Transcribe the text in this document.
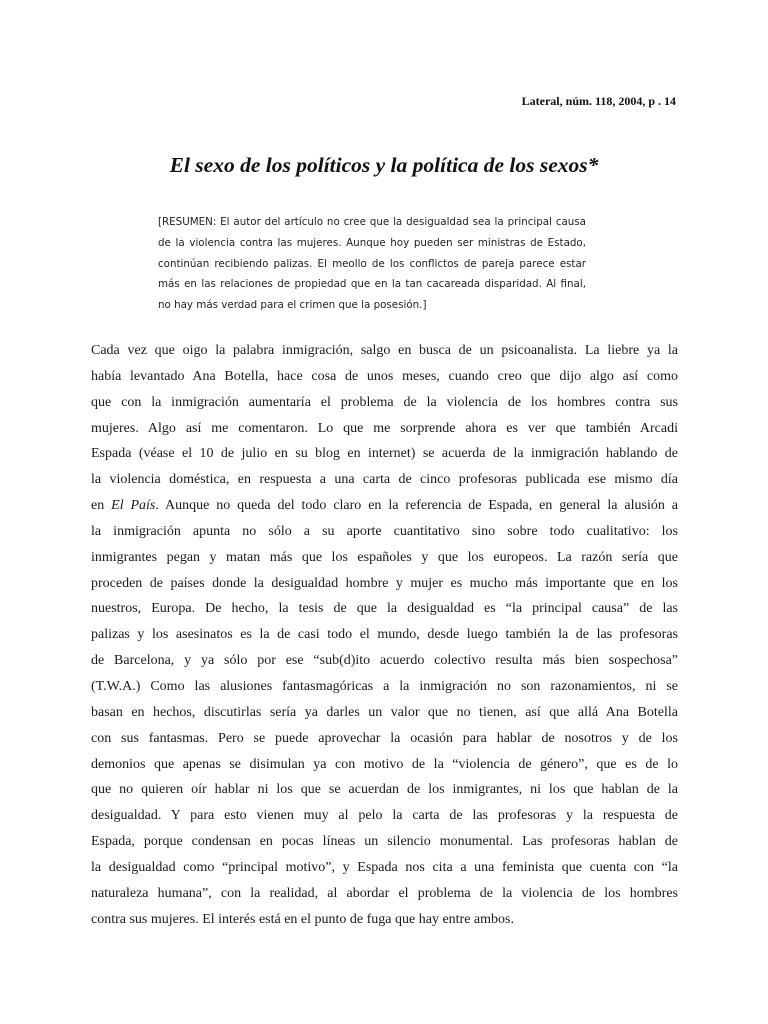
Lateral, núm. 118, 2004, p . 14
El sexo de los políticos y la política de los sexos*

[RESUMEN: El autor del artículo no cree que la desigualdad sea la principal causa de la violencia contra las mujeres. Aunque hoy pueden ser ministras de Estado, continúan recibiendo palizas. El meollo de los conflictos de pareja parece estar más en las relaciones de propiedad que en la tan cacareada disparidad. Al final, no hay más verdad para el crimen que la posesión.]

Cada vez que oigo la palabra inmigración, salgo en busca de un psicoanalista. La liebre ya la
había levantado Ana Botella, hace cosa de unos meses, cuando creo que dijo algo así como
que con la inmigración aumentaría el problema de la violencia de los hombres contra sus
mujeres. Algo así me comentaron. Lo que me sorprende ahora es ver que también Arcadi
Espada (véase el 10 de julio en su blog en internet) se acuerda de la inmigración hablando de
la violencia doméstica, en respuesta a una carta de cinco profesoras publicada ese mismo día
en El País. Aunque no queda del todo claro en la referencia de Espada, en general la alusión a
la inmigración apunta no sólo a su aporte cuantitativo sino sobre todo cualitativo: los
inmigrantes pegan y matan más que los españoles y que los europeos. La razón sería que
proceden de países donde la desigualdad hombre y mujer es mucho más importante que en los
nuestros, Europa. De hecho, la tesis de que la desigualdad es “la principal causa” de las
palizas y los asesinatos es la de casi todo el mundo, desde luego también la de las profesoras
de Barcelona, y ya sólo por ese “sub(d)ito acuerdo colectivo resulta más bien sospechosa”
(T.W.A.) Como las alusiones fantasmagóricas a la inmigración no son razonamientos, ni se
basan en hechos, discutirlas sería ya darles un valor que no tienen, así que allá Ana Botella
con sus fantasmas. Pero se puede aprovechar la ocasión para hablar de nosotros y de los
demonios que apenas se disimulan ya con motivo de la “violencia de género”, que es de lo
que no quieren oír hablar ni los que se acuerdan de los inmigrantes, ni los que hablan de la
desigualdad. Y para esto vienen muy al pelo la carta de las profesoras y la respuesta de
Espada, porque condensan en pocas líneas un silencio monumental. Las profesoras hablan de
la desigualdad como “principal motivo”, y Espada nos cita a una feminista que cuenta con “la
naturaleza humana”, con la realidad, al abordar el problema de la violencia de los hombres
contra sus mujeres. El interés está en el punto de fuga que hay entre ambos.
